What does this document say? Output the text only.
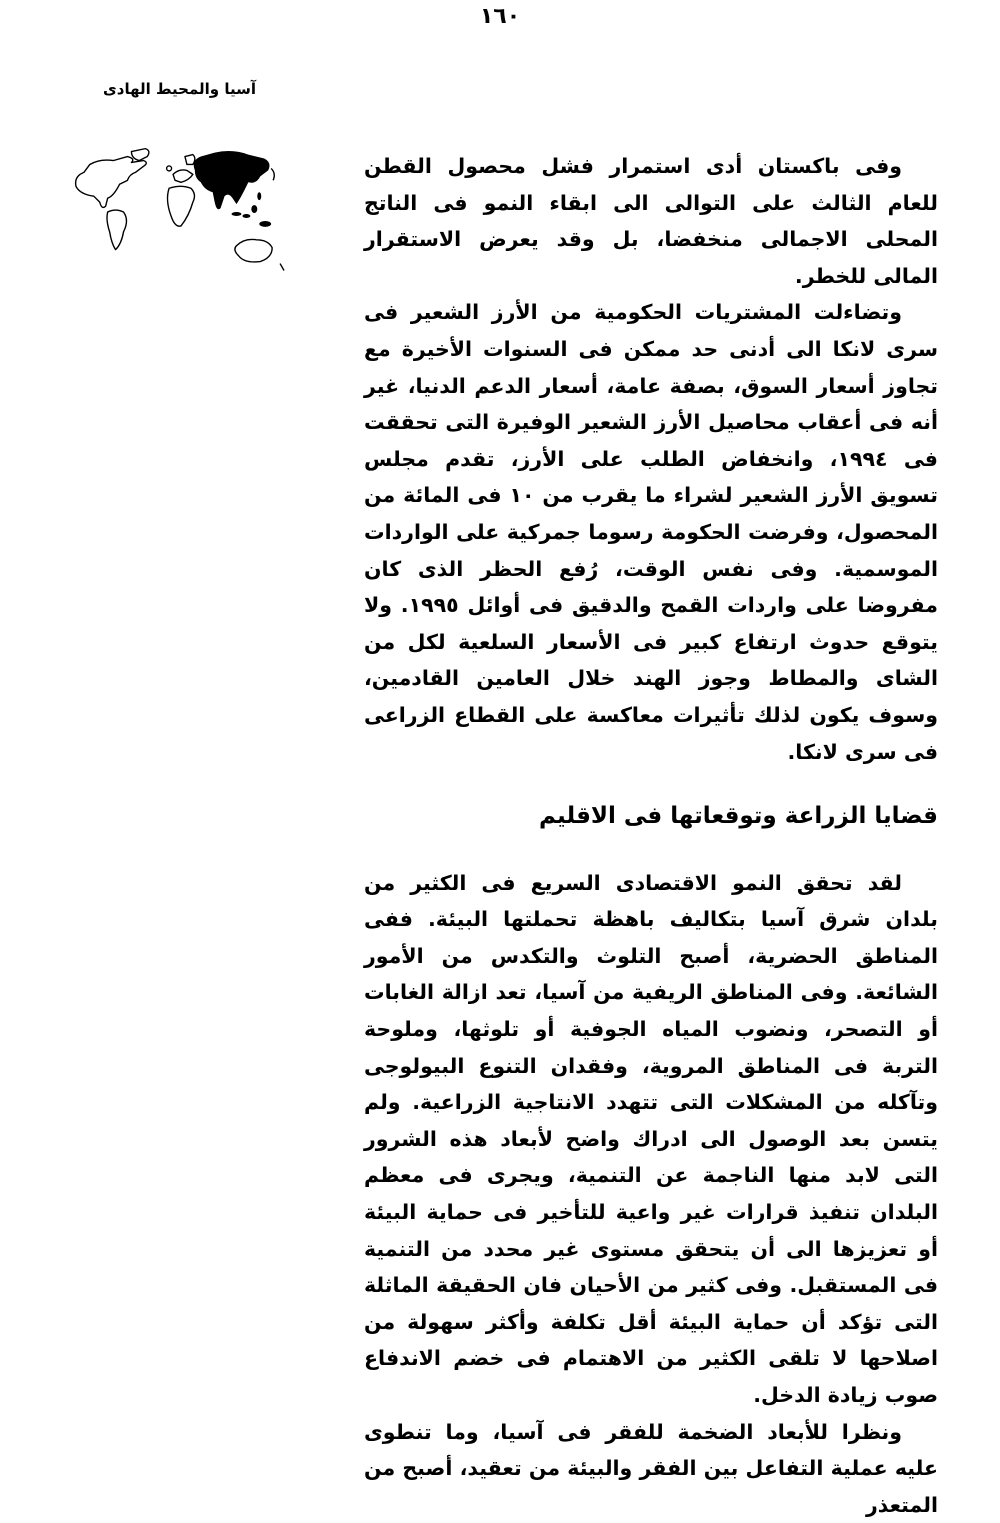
١٦٠
آسيا والمحيط الهادى

وفى باكستان أدى استمرار فشل محصول القطن للعام الثالث على التوالى الى ابقاء النمو فى الناتج المحلى الاجمالى منخفضا، بل وقد يعرض الاستقرار المالى للخطر.

وتضاءلت المشتريات الحكومية من الأرز الشعير فى سرى لانكا الى أدنى حد ممكن فى السنوات الأخيرة مع تجاوز أسعار السوق، بصفة عامة، أسعار الدعم الدنيا، غير أنه فى أعقاب محاصيل الأرز الشعير الوفيرة التى تحققت فى ١٩٩٤، وانخفاض الطلب على الأرز، تقدم مجلس تسويق الأرز الشعير لشراء ما يقرب من ١٠ فى المائة من المحصول، وفرضت الحكومة رسوما جمركية على الواردات الموسمية. وفى نفس الوقت، رُفع الحظر الذى كان مفروضا على واردات القمح والدقيق فى أوائل ١٩٩٥. ولا يتوقع حدوث ارتفاع كبير فى الأسعار السلعية لكل من الشاى والمطاط وجوز الهند خلال العامين القادمين، وسوف يكون لذلك تأثيرات معاكسة على القطاع الزراعى فى سرى لانكا.

قضايا الزراعة وتوقعاتها فى الاقليم

لقد تحقق النمو الاقتصادى السريع فى الكثير من بلدان شرق آسيا بتكاليف باهظة تحملتها البيئة. ففى المناطق الحضرية، أصبح التلوث والتكدس من الأمور الشائعة. وفى المناطق الريفية من آسيا، تعد ازالة الغابات أو التصحر، ونضوب المياه الجوفية أو تلوثها، وملوحة التربة فى المناطق المروية، وفقدان التنوع البيولوجى وتآكله من المشكلات التى تتهدد الانتاجية الزراعية. ولم يتسن بعد الوصول الى ادراك واضح لأبعاد هذه الشرور التى لابد منها الناجمة عن التنمية، ويجرى فى معظم البلدان تنفيذ قرارات غير واعية للتأخير فى حماية البيئة أو تعزيزها الى أن يتحقق مستوى غير محدد من التنمية فى المستقبل. وفى كثير من الأحيان فان الحقيقة الماثلة التى تؤكد أن حماية البيئة أقل تكلفة وأكثر سهولة من اصلاحها لا تلقى الكثير من الاهتمام فى خضم الاندفاع صوب زيادة الدخل.

ونظرا للأبعاد الضخمة للفقر فى آسيا، وما تنطوى عليه عملية التفاعل بين الفقر والبيئة من تعقيد، أصبح من المتعذر
